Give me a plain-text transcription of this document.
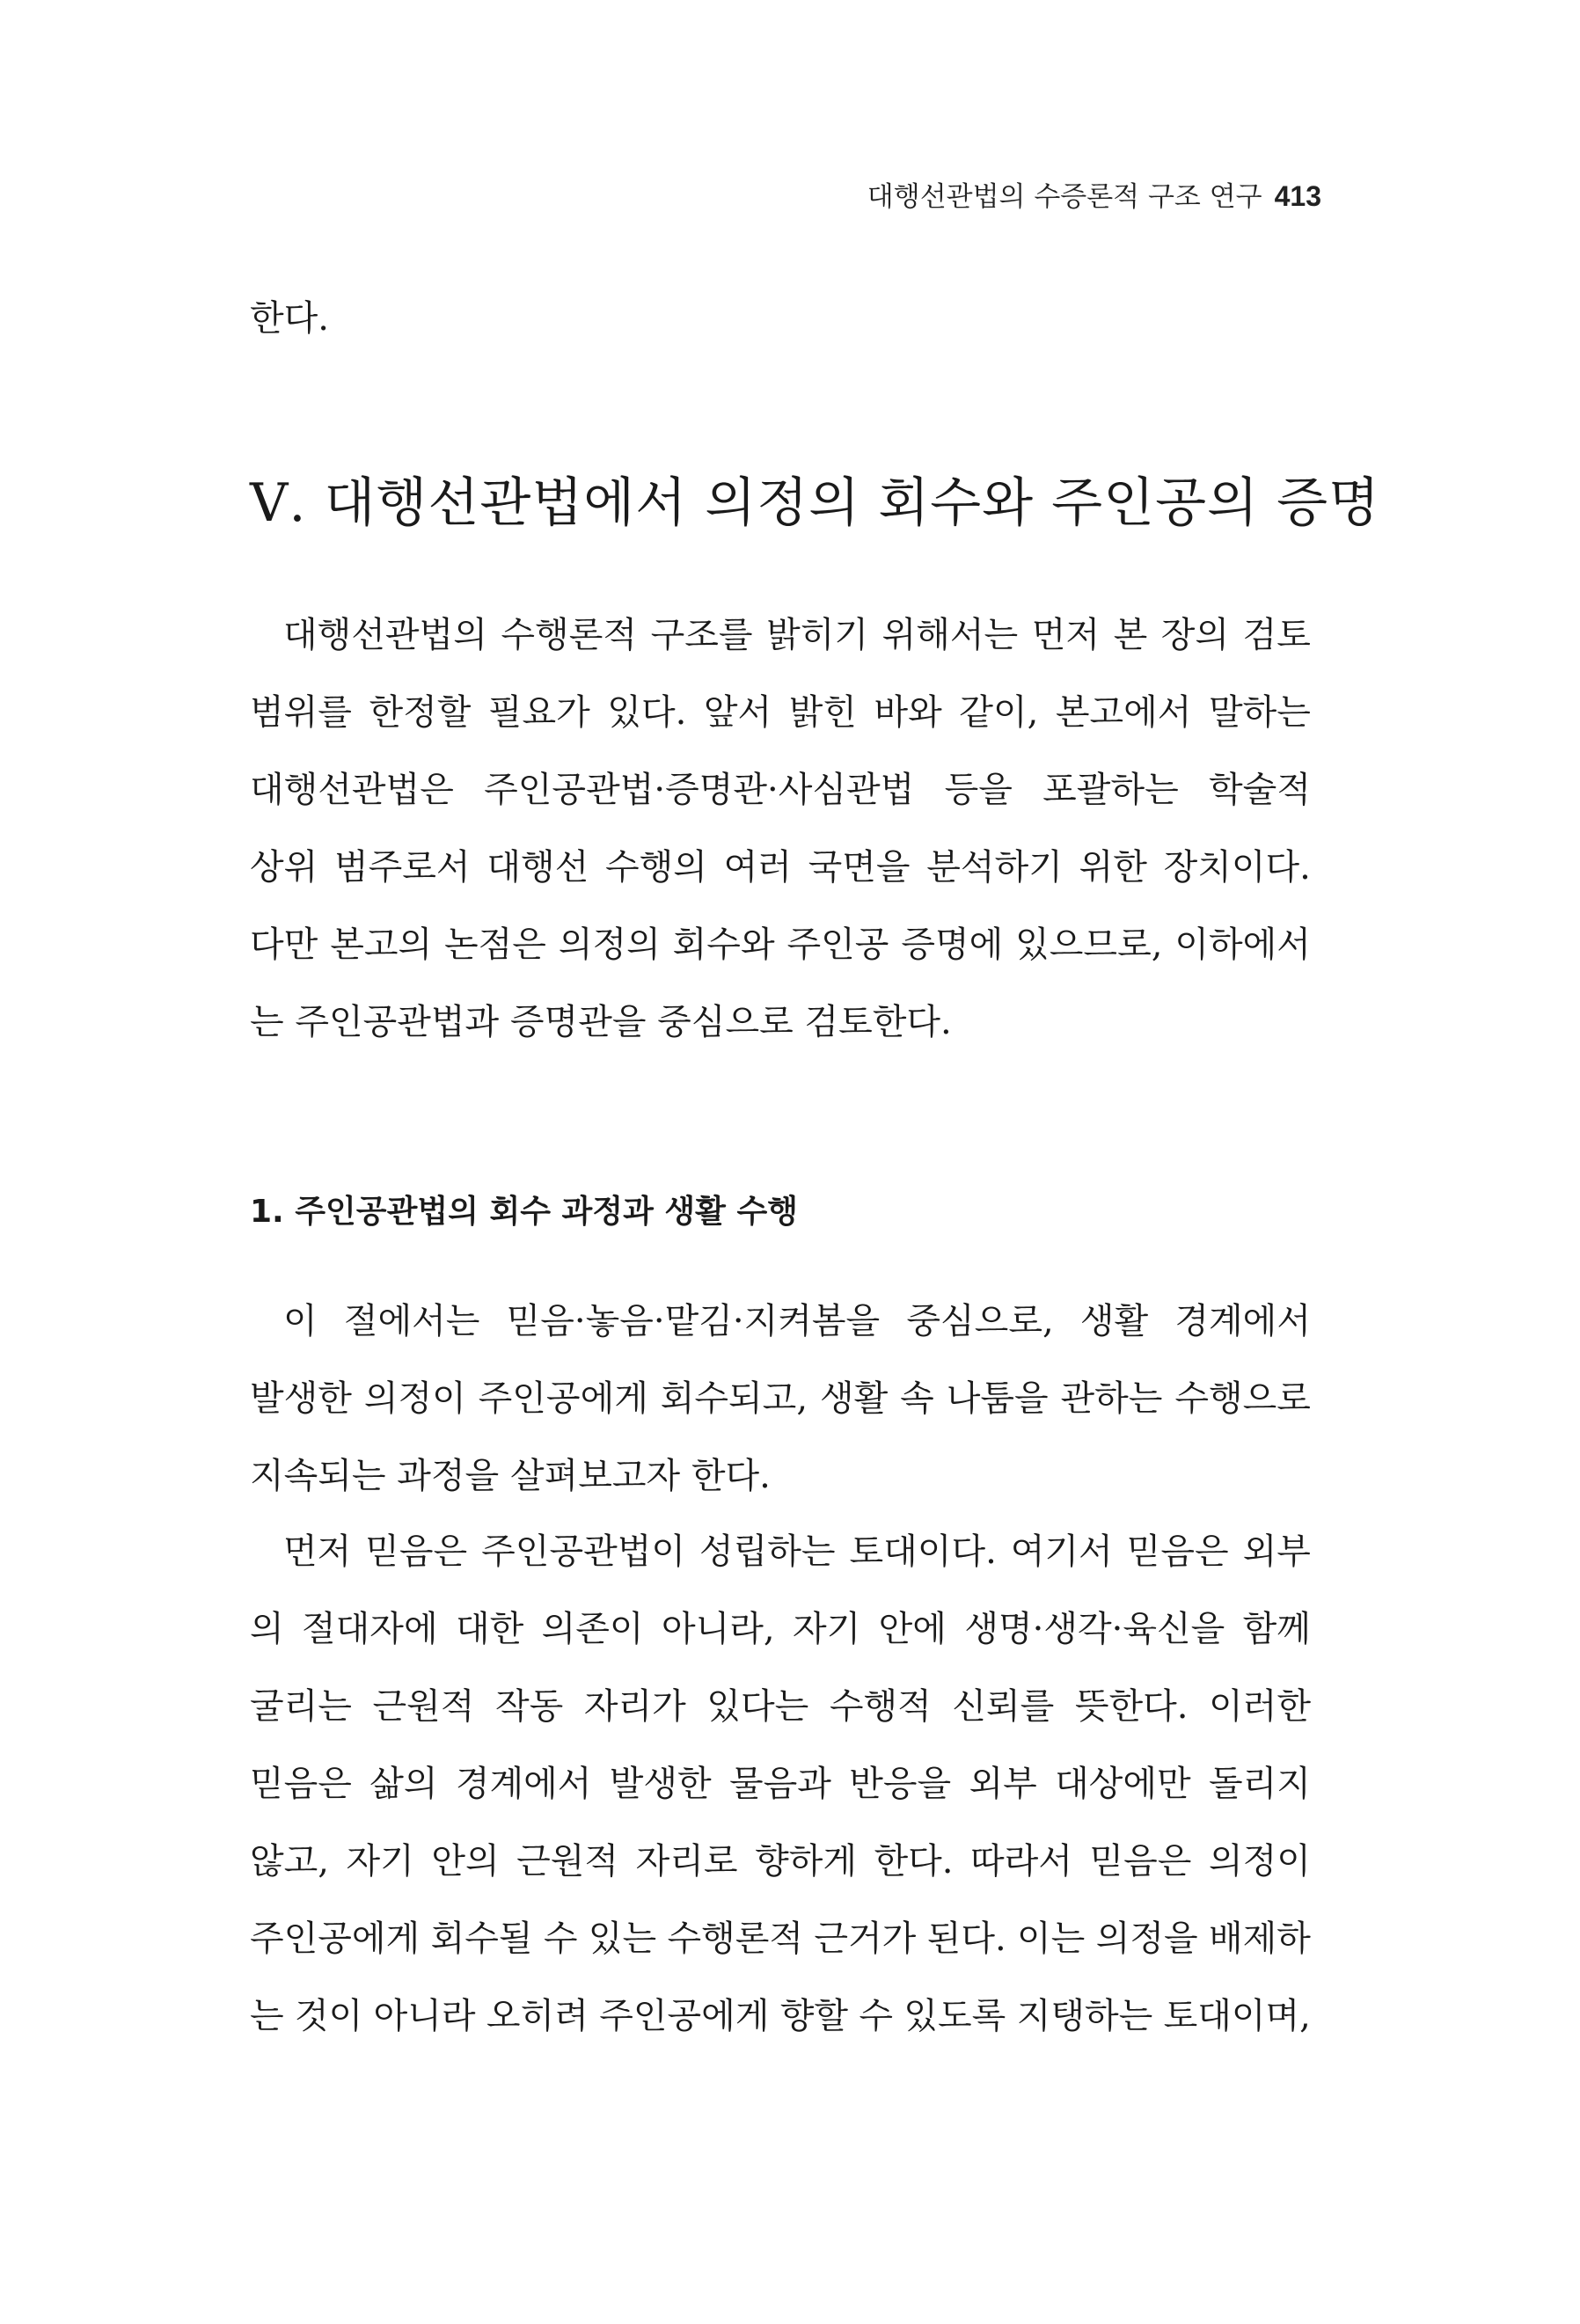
대행선관법의 수증론적 구조 연구 413
한다.
Ⅴ. 대행선관법에서 의정의 회수와 주인공의 증명
대행선관법의 수행론적 구조를 밝히기 위해서는 먼저 본 장의 검토
범위를 한정할 필요가 있다. 앞서 밝힌 바와 같이, 본고에서 말하는
대행선관법은 주인공관법·증명관·사심관법 등을 포괄하는 학술적
상위 범주로서 대행선 수행의 여러 국면을 분석하기 위한 장치이다.
다만 본고의 논점은 의정의 회수와 주인공 증명에 있으므로, 이하에서
는 주인공관법과 증명관을 중심으로 검토한다.
1. 주인공관법의 회수 과정과 생활 수행
이 절에서는 믿음·놓음·맡김·지켜봄을 중심으로, 생활 경계에서
발생한 의정이 주인공에게 회수되고, 생활 속 나툼을 관하는 수행으로
지속되는 과정을 살펴보고자 한다.
먼저 믿음은 주인공관법이 성립하는 토대이다. 여기서 믿음은 외부
의 절대자에 대한 의존이 아니라, 자기 안에 생명·생각·육신을 함께
굴리는 근원적 작동 자리가 있다는 수행적 신뢰를 뜻한다. 이러한
믿음은 삶의 경계에서 발생한 물음과 반응을 외부 대상에만 돌리지
않고, 자기 안의 근원적 자리로 향하게 한다. 따라서 믿음은 의정이
주인공에게 회수될 수 있는 수행론적 근거가 된다. 이는 의정을 배제하
는 것이 아니라 오히려 주인공에게 향할 수 있도록 지탱하는 토대이며,
